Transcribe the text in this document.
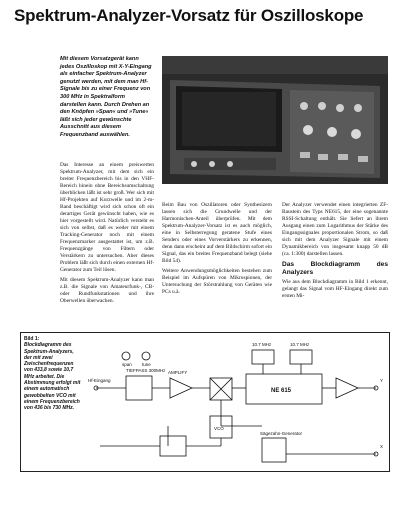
Spektrum-Analyzer-Vorsatz für Oszilloskope
Mit diesem Vorsatzgerät kann jedes Oszilloskop mit X-Y-Eingang als einfacher Spektrum-Analyzer genutzt werden, mit dem man Hf-Signale bis zu einer Frequenz von 300 MHz in Spektralform darstellen kann. Durch Drehen an den Knöpfen »Span« und »Tune« läßt sich jeder gewünschte Ausschnitt aus diesem Frequenzband auswählen.

Das Interesse an einem preiswerten Spektrum-Analyzer, mit dem sich ein breiter Frequenzbereich bis in den VHF-Bereich hinein ohne Bereichsumschaltung überblicken läßt ist sehr groß. Wer sich mit Hf-Projekten auf Kurzwelle und im 2-m-Band beschäftigt wird sich schon oft ein derartiges Gerät gewünscht haben, wie es hier vorgestellt wird. Natürlich versteht es sich von selbst, daß es weder mit einem Tracking-Generator noch mit einem Frequenzmarker ausgestattet ist, um z.B. Frequenzgänge von Filtern oder Verstärkern zu untersuchen. Aber dieses Problem läßt sich durch einen externen Hf-Generator zum Teil lösen.

Mit diesem Spektrum-Analyzer kann man z.B. die Signale von Amateurfunk-, CB- oder Rundfunkstationen und ihre Oberwellen überwachen.

Beim Bau von Oszillatoren oder Synthesizern lassen sich die Grundwelle und der Harmonischen-Anteil überprüfen. Mit dem Spektrum-Analyzer-Vorsatz ist es auch möglich, eine in Selbsterregung geratene Stufe eines Senders oder eines Vorverstärkers zu erkennen, denn dann erscheint auf dem Bildschirm sofort ein Signal, das ein breites Frequenzband belegt (siehe Bild 54).

Weitere Anwendungsmöglichkeiten bestehen zum Beispiel im Aufspüren von Mikrospionen, der Untersuchung der Störstrahlung von Geräten wie PCs u.ä.

Der Analyzer verwendet einen integrierten ZF-Baustein des Typs NE615, der eine sogenannte RSSI-Schaltung enthält. Sie liefert an ihrem Ausgang einen zum Logarithmus der Stärke des Eingangssignales proportionalen Strom, so daß sich mit dem Analyzer Signale mit einem Dynamikbereich von insgesamt knapp 50 dB (ca. 1:300) darstellen lassen.

Das Blockdiagramm des Analyzers

Wie aus dem Blockdiagramm in Bild 1 erkennt, gelangt das Signal vom HF-Eingang direkt zum ersten Mi-

Bild 1:
Blockdiagramm des Spektrum-Analyzers, der mit zwei Zwischenfrequenzen von 433,8 sowie 10,7 MHz arbeitet. Die Abstimmung erfolgt mit einem automatisch gewobbelten VCO mit einem Frequenzbereich von 436 bis 730 MHz.
Hf-Eingang
TIEFPASS 300MHz AMPLIFY
NE 615
10.7 MHz	10.7 MHz
VCO
span tune
Sägezahn-Generator
Y
X
